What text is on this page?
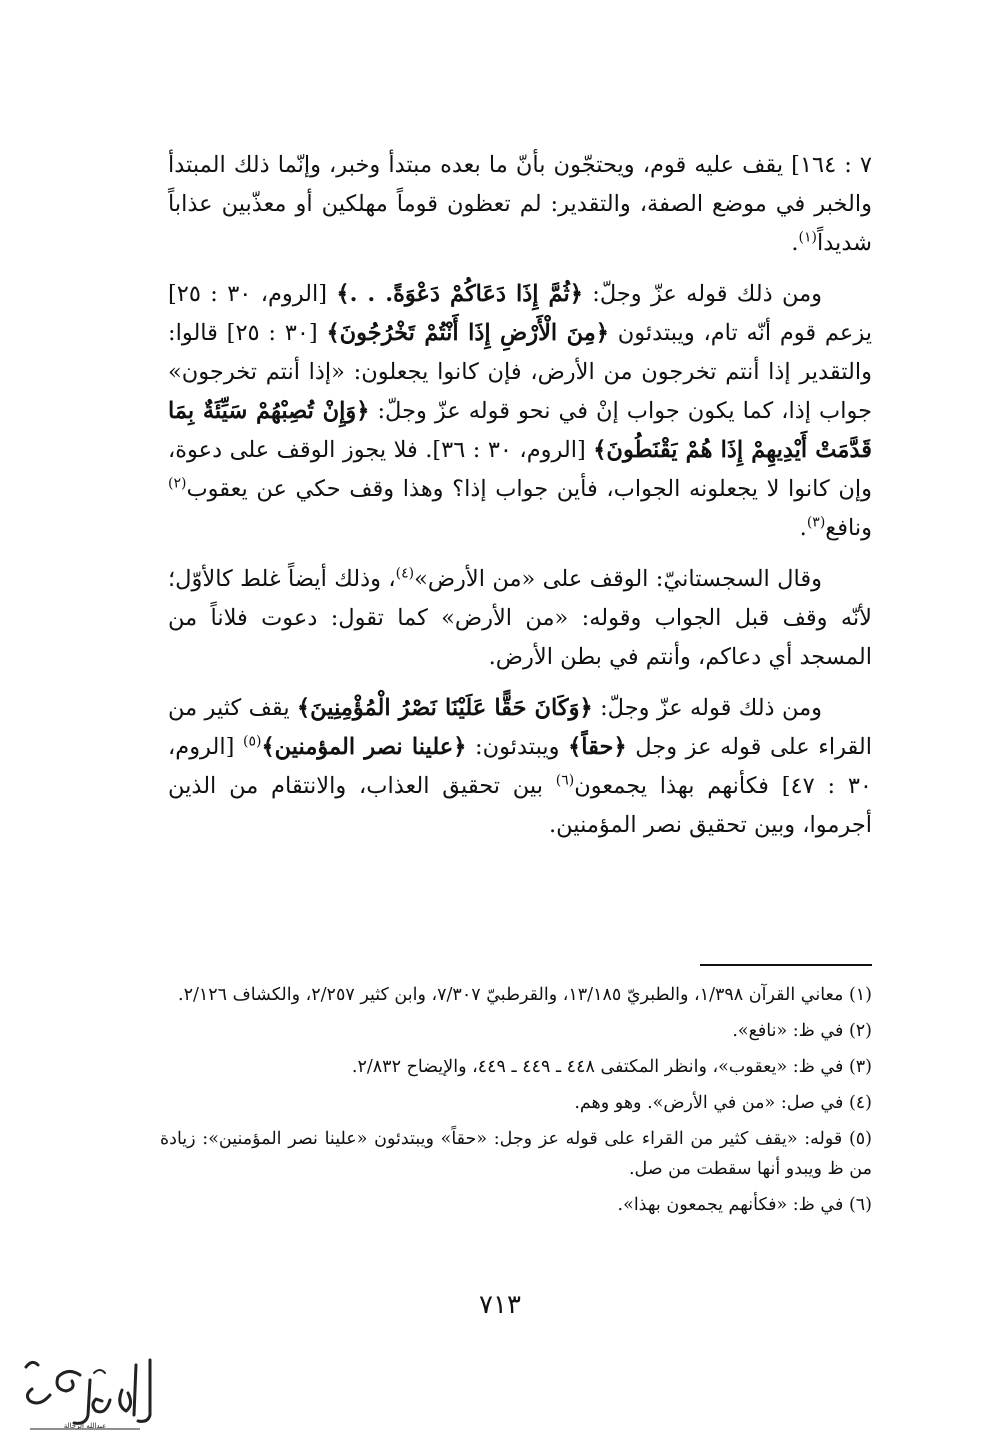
٧ : ١٦٤] يقف عليه قوم، ويحتجّون بأنّ ما بعده مبتدأ وخبر، وإنّما ذلك المبتدأ والخبر في موضع الصفة، والتقدير: لم تعظون قوماً مهلكين أو معذّبين عذاباً شديداً$^{(١)}$.

ومن ذلك قوله عزّ وجلّ: ﴿ثُمَّ إِذَا دَعَاكُمْ دَعْوَةً. . .﴾ [الروم، ٣٠ : ٢٥] يزعم قوم أنّه تام، ويبتدئون ﴿مِنَ الْأَرْضِ إِذَا أَنْتُمْ تَخْرُجُونَ﴾ [٣٠ : ٢٥] قالوا: والتقدير إذا أنتم تخرجون من الأرض، فإن كانوا يجعلون: «إذا أنتم تخرجون» جواب إذا، كما يكون جواب إنْ في نحو قوله عزّ وجلّ: ﴿وَإِنْ تُصِبْهُمْ سَيِّئَةٌ بِمَا قَدَّمَتْ أَيْدِيهِمْ إِذَا هُمْ يَقْنَطُونَ﴾ [الروم، ٣٠ : ٣٦]. فلا يجوز الوقف على دعوة، وإن كانوا لا يجعلونه الجواب، فأين جواب إذا؟ وهذا وقف حكي عن يعقوب$^{(٢)}$ ونافع$^{(٣)}$.

وقال السجستانيّ: الوقف على «من الأرض»$^{(٤)}$، وذلك أيضاً غلط كالأوّل؛ لأنّه وقف قبل الجواب وقوله: «من الأرض» كما تقول: دعوت فلاناً من المسجد أي دعاكم، وأنتم في بطن الأرض.

ومن ذلك قوله عزّ وجلّ: ﴿وَكَانَ حَقًّا عَلَيْنَا نَصْرُ الْمُؤْمِنِينَ﴾ يقف كثير من القراء على قوله عز وجل ﴿حقاً﴾ ويبتدئون: ﴿علينا نصر المؤمنين﴾$^{(٥)}$ [الروم، ٣٠ : ٤٧] فكأنهم بهذا يجمعون$^{(٦)}$ بين تحقيق العذاب، والانتقام من الذين أجرموا، وبين تحقيق نصر المؤمنين.

(١) معاني القرآن ١/٣٩٨، والطبريّ ١٣/١٨٥، والقرطبيّ ٧/٣٠٧، وابن كثير ٢/٢٥٧، والكشاف ٢/١٢٦.

(٢) في ظ: «نافع».

(٣) في ظ: «يعقوب»، وانظر المكتفى ٤٤٨ ـ ٤٤٩ ـ ٤٤٩، والإيضاح ٢/٨٣٢.

(٤) في صل: «من في الأرض». وهو وهم.

(٥) قوله: «يقف كثير من القراء على قوله عز وجل: «حقاً» ويبتدئون «علينا نصر المؤمنين»: زيادة من ظ ويبدو أنها سقطت من صل.

(٦) في ظ: «فكأنهم يجمعون بهذا».

٧١٣
عبدالله الرحالة
